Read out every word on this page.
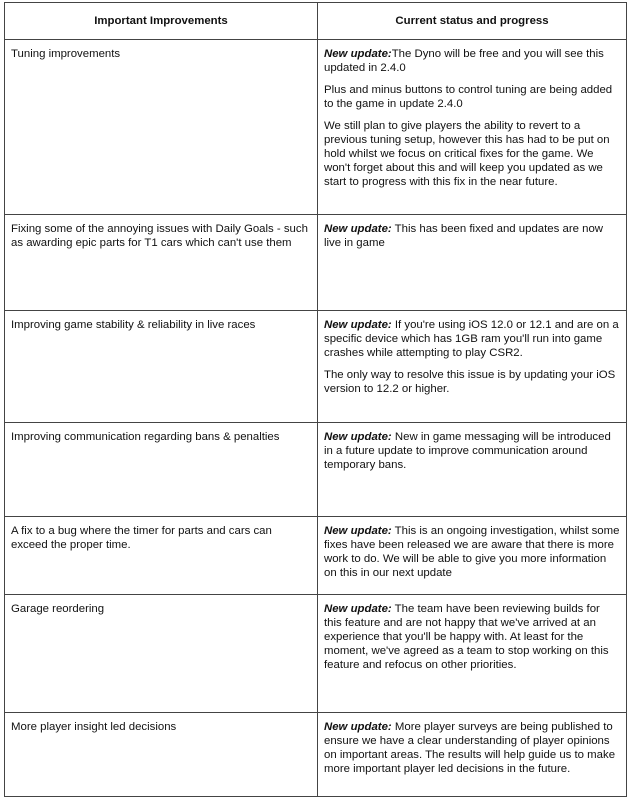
Important Improvements	Current status and progress
Tuning improvements	New update:The Dyno will be free and you will see this updated in 2.4.0

Plus and minus buttons to control tuning are being added to the game in update 2.4.0

We still plan to give players the ability to revert to a previous tuning setup, however this has had to be put on hold whilst we focus on critical fixes for the game. We won't forget about this and will keep you updated as we start to progress with this fix in the near future.

Fixing some of the annoying issues with Daily Goals - such as awarding epic parts for T1 cars which can't use them	New update: This has been fixed and updates are now live in game

Improving game stability & reliability in live races	New update: If you're using iOS 12.0 or 12.1 and are on a specific device which has 1GB ram you'll run into game crashes while attempting to play CSR2.

The only way to resolve this issue is by updating your iOS version to 12.2 or higher.

Improving communication regarding bans & penalties	New update: New in game messaging will be introduced in a future update to improve communication around temporary bans.

A fix to a bug where the timer for parts and cars can exceed the proper time.	New update: This is an ongoing investigation, whilst some fixes have been released we are aware that there is more work to do. We will be able to give you more information on this in our next update

Garage reordering	New update: The team have been reviewing builds for this feature and are not happy that we've arrived at an experience that you'll be happy with. At least for the moment, we've agreed as a team to stop working on this feature and refocus on other priorities.

More player insight led decisions	New update: More player surveys are being published to ensure we have a clear understanding of player opinions on important areas. The results will help guide us to make more important player led decisions in the future.
